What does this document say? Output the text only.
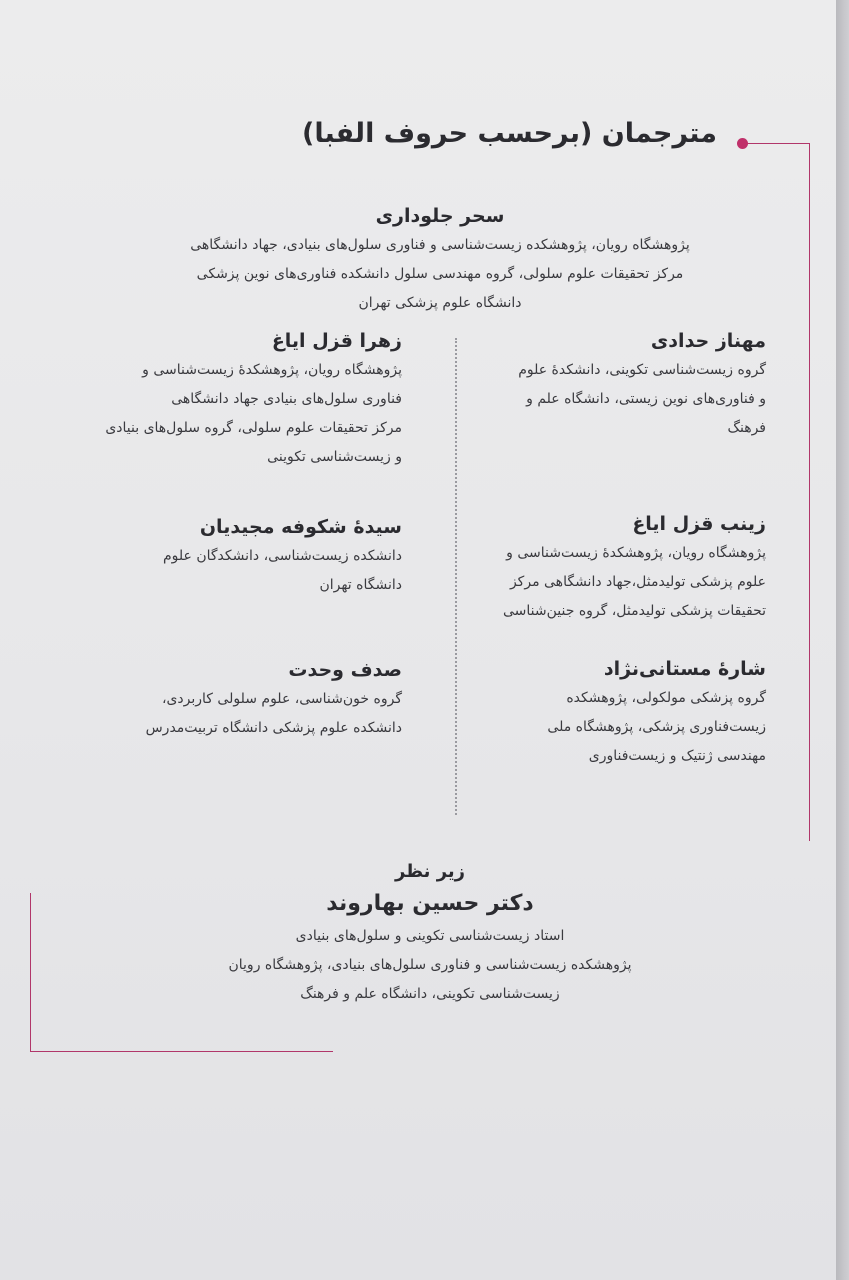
مترجمان (برحسب حروف الفبا)
سحر جلوداری
پژوهشگاه رویان، پژوهشکده زیست‌شناسی و فناوری سلول‌های بنیادی، جهاد دانشگاهی
مرکز تحقیقات علوم سلولی، گروه مهندسی سلول دانشکده فناوری‌های نوین پزشکی
دانشگاه علوم پزشکی تهران
مهناز حدادی
گروه زیست‌شناسی تکوینی، دانشکدهٔ علوم
و فناوری‌های نوین زیستی، دانشگاه علم و
فرهنگ
زینب قزل ایاغ
پژوهشگاه رویان، پژوهشکدهٔ زیست‌شناسی و
علوم پزشکی تولیدمثل،جهاد دانشگاهی مرکز
تحقیقات پزشکی تولیدمثل، گروه جنین‌شناسی
شارهٔ مستانی‌نژاد
گروه پزشکی مولکولی، پژوهشکده
زیست‌فناوری پزشکی، پژوهشگاه ملی
مهندسی ژنتیک و زیست‌فناوری
زهرا قزل ایاغ
پژوهشگاه رویان، پژوهشکدهٔ زیست‌شناسی و
فناوری سلول‌های بنیادی جهاد دانشگاهی
مرکز تحقیقات علوم سلولی، گروه سلول‌های بنیادی
و زیست‌شناسی تکوینی
سیدهٔ شکوفه مجیدیان
دانشکده زیست‌شناسی، دانشکدگان علوم
دانشگاه تهران
صدف وحدت
گروه خون‌شناسی، علوم سلولی کاربردی،
دانشکده علوم پزشکی دانشگاه تربیت‌مدرس
زیر نظر
دکتر حسین بهاروند
استاد زیست‌شناسی تکوینی و سلول‌های بنیادی
پژوهشکده زیست‌شناسی و فناوری سلول‌های بنیادی، پژوهشگاه رویان
زیست‌شناسی تکوینی، دانشگاه علم و فرهنگ
